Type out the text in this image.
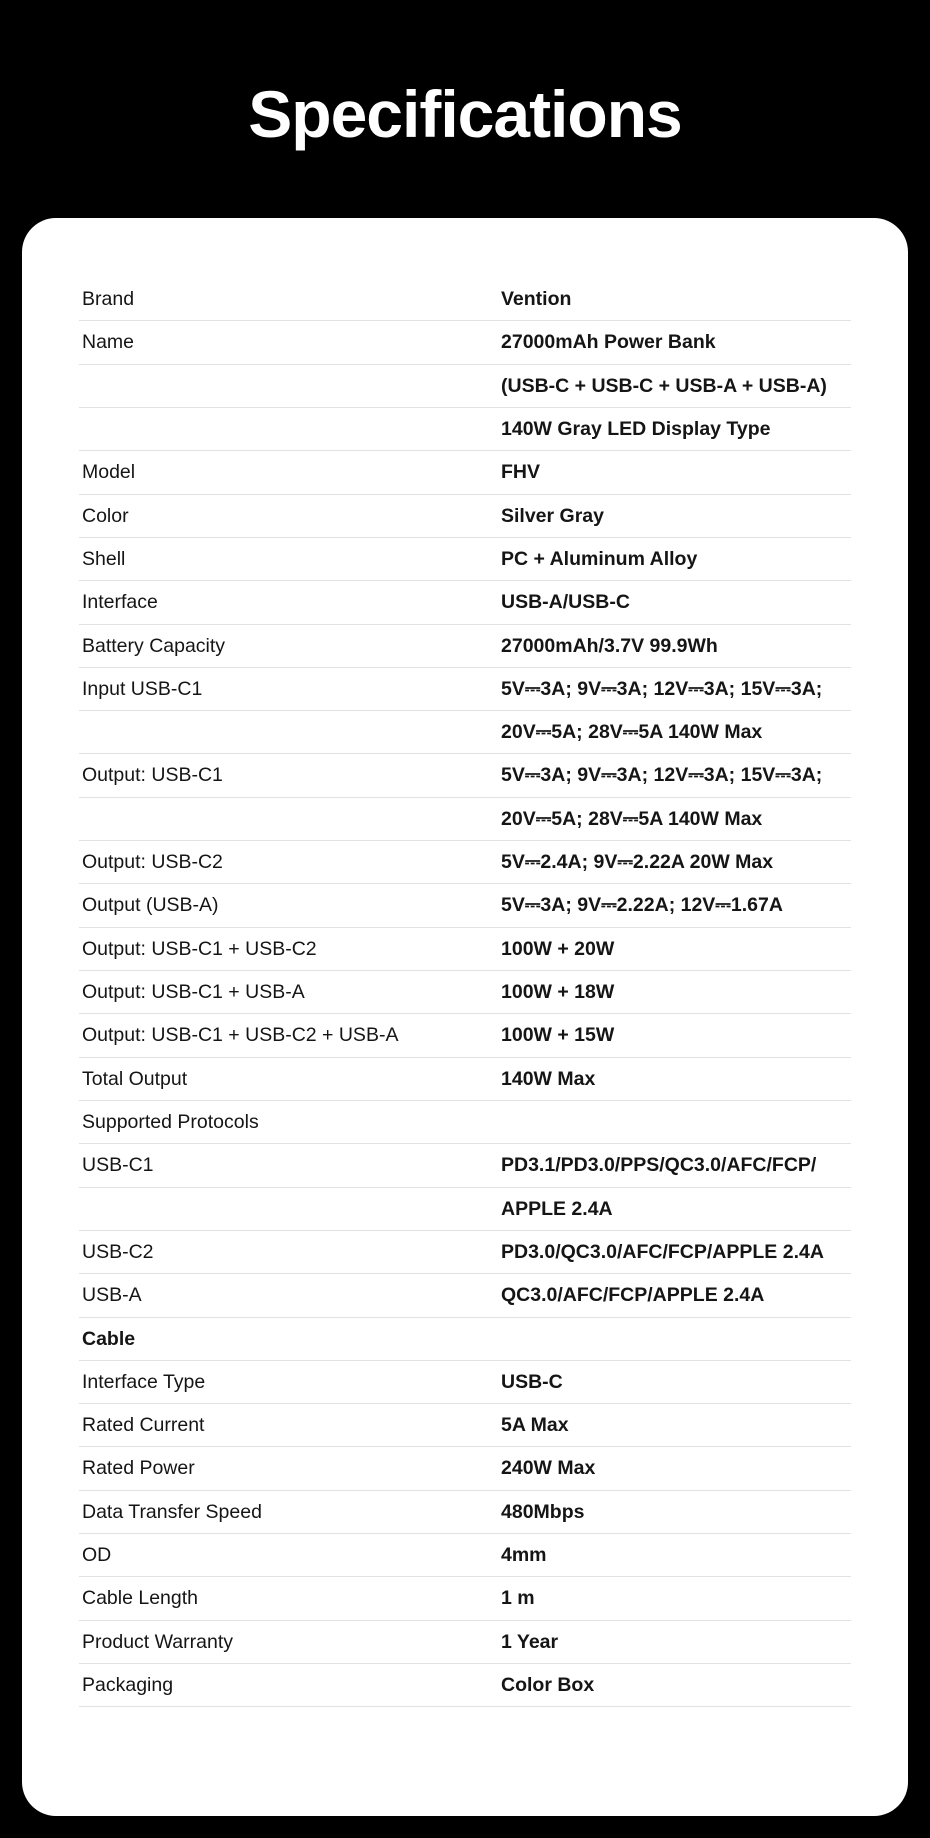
Specifications
Brand	Vention
Name	27000mAh Power Bank
	(USB-C + USB-C + USB-A + USB-A)
	140W Gray LED Display Type
Model	FHV
Color	Silver Gray
Shell	PC + Aluminum Alloy
Interface	USB-A/USB-C
Battery Capacity	27000mAh/3.7V 99.9Wh
Input USB-C1	5V⎓3A; 9V⎓3A; 12V⎓3A; 15V⎓3A;
	20V⎓5A; 28V⎓5A 140W Max
Output: USB-C1	5V⎓3A; 9V⎓3A; 12V⎓3A; 15V⎓3A;
	20V⎓5A; 28V⎓5A 140W Max
Output: USB-C2	5V⎓2.4A; 9V⎓2.22A 20W Max
Output (USB-A)	5V⎓3A; 9V⎓2.22A; 12V⎓1.67A
Output: USB-C1 + USB-C2	100W + 20W
Output: USB-C1 + USB-A	100W + 18W
Output: USB-C1 + USB-C2 + USB-A	100W + 15W
Total Output	140W Max
Supported Protocols	
USB-C1	PD3.1/PD3.0/PPS/QC3.0/AFC/FCP/
	APPLE 2.4A
USB-C2	PD3.0/QC3.0/AFC/FCP/APPLE 2.4A
USB-A	QC3.0/AFC/FCP/APPLE 2.4A
Cable	
Interface Type	USB-C
Rated Current	5A Max
Rated Power	240W Max
Data Transfer Speed	480Mbps
OD	4mm
Cable Length	1 m
Product Warranty	1 Year
Packaging	Color Box
